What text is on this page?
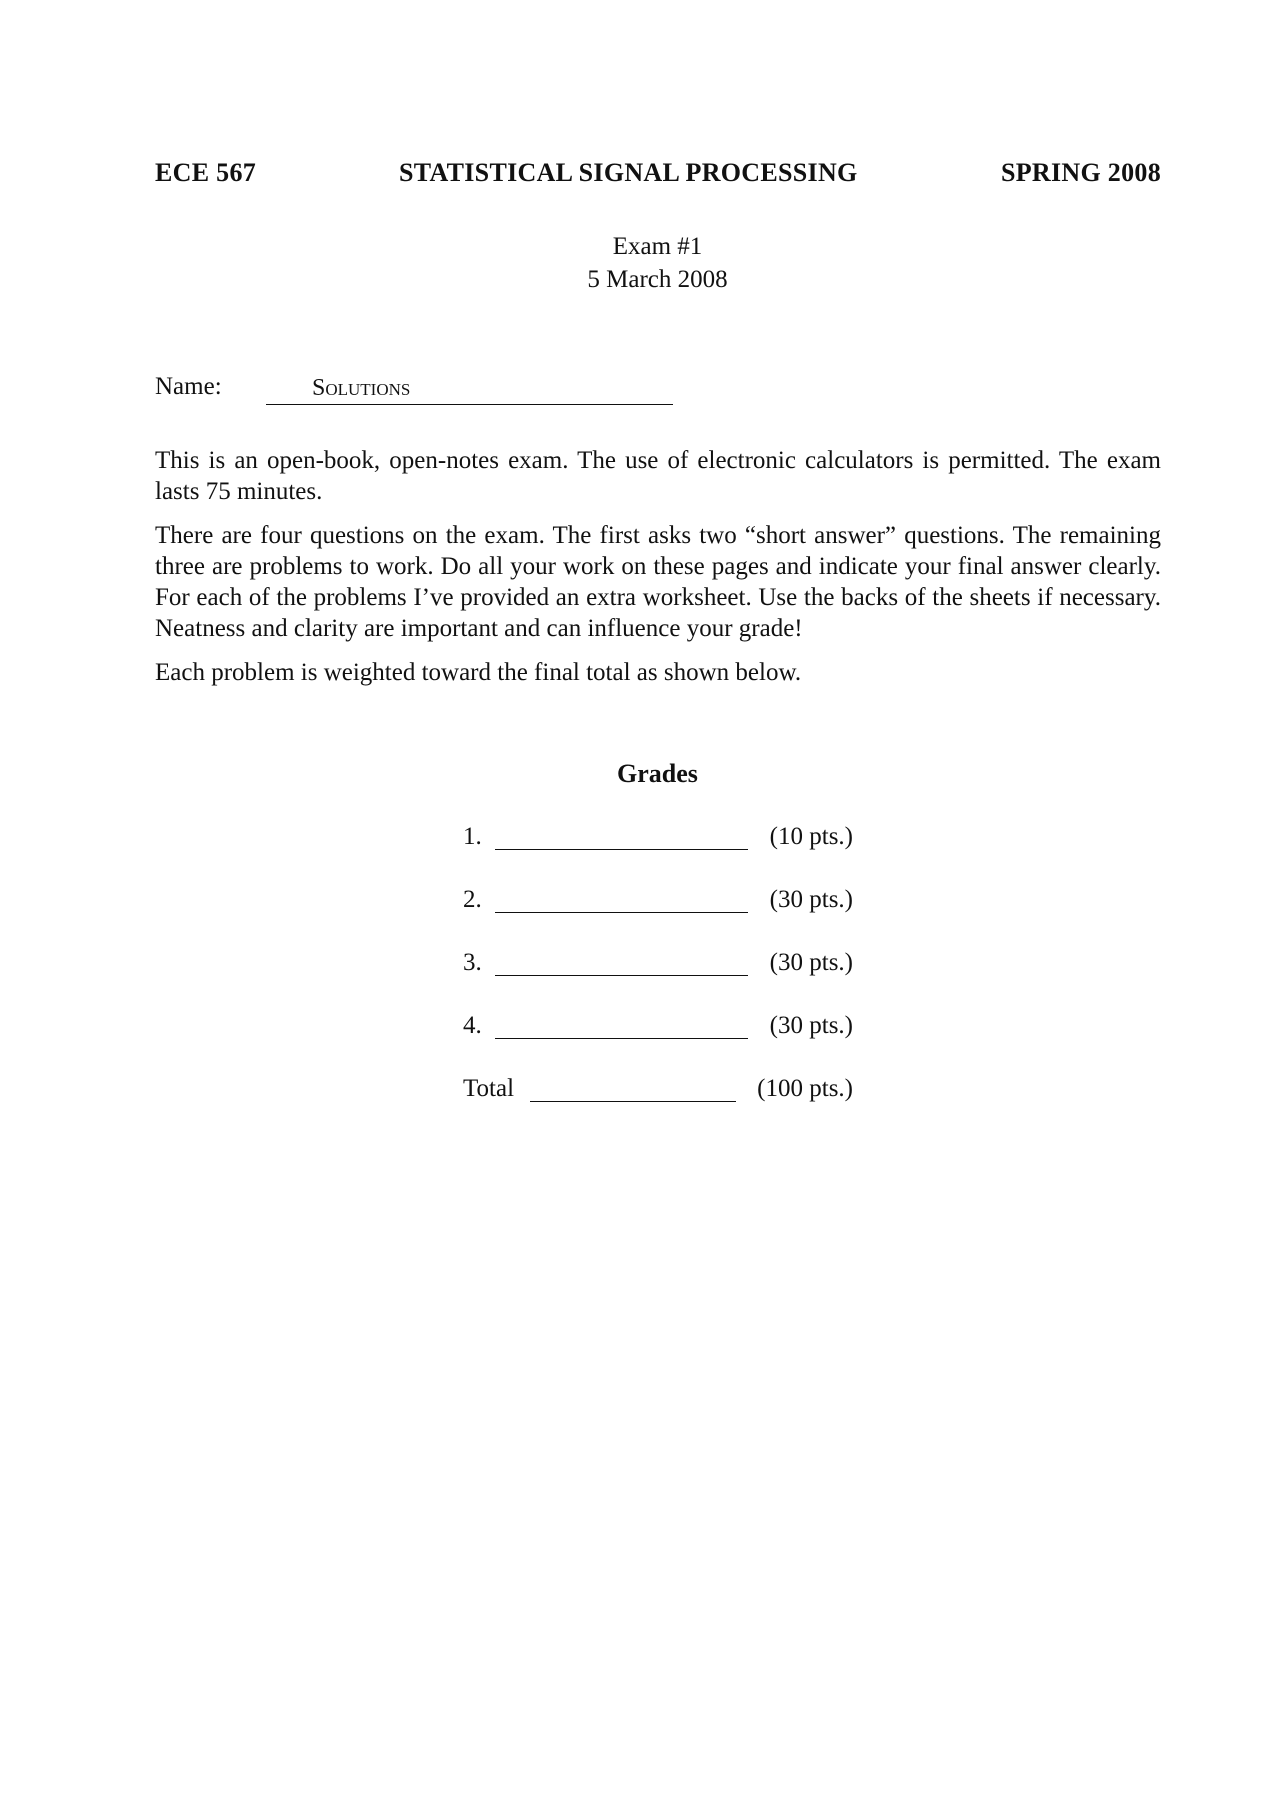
ECE 567	STATISTICAL SIGNAL PROCESSING	SPRING 2008
Exam #1
5 March 2008
Name:	Solutions

This is an open-book, open-notes exam. The use of electronic calculators is permitted. The exam lasts 75 minutes.

There are four questions on the exam. The first asks two “short answer” questions. The remaining three are problems to work. Do all your work on these pages and indicate your final answer clearly. For each of the problems I’ve provided an extra worksheet. Use the backs of the sheets if necessary. Neatness and clarity are important and can influence your grade!

Each problem is weighted toward the final total as shown below.

Grades
1.	(10 pts.)
2.	(30 pts.)
3.	(30 pts.)
4.	(30 pts.)
Total	(100 pts.)
